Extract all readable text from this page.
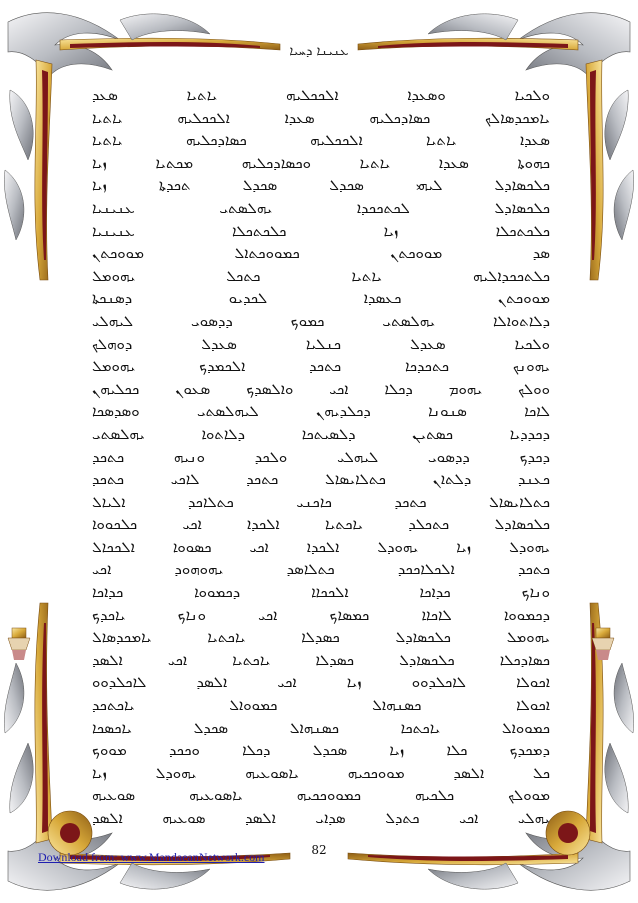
ܥܢܝܢܐ ܕܚܝܐ
ܘܠܟܝܐ
ܘܣܥܕܐ
ܐܠܟܟܠܝܗ
ܝܐܬܝܐ
ܣܥܕ
ܝܐܡܟܕܣܐܠܟ
ܟܣܐܕܟܠܝܗ
ܣܥܕܐ
ܐܠܟܟܠܝܗ
ܝܐܬܝܐ
ܣܥܕܐ
ܝܐܬܝܐ
ܐܠܟܟܠܝܗ
ܟܣܐܕܟܠܝܗ
ܝܐܬܝܐ
ܟܗܘܬܐ
ܣܥܕܐ
ܝܐܬܝܐ
ܘܟܣܐܕܟܠܝܗ
ܡܟܬܝܐ
ܙܝܐ
ܟܠܟܣܐܕܠ
ܠܝܗܝ
ܣܟܕܠ
ܣܟܕܠ
ܬܟܕܬܐ
ܙܝܐ
ܟܠܟܣܐܕܠ
ܠܟܬܟܟܕܐ
ܝܗܠܣܬܝ
ܥܢܝܢܝܐ
ܟܠܟܬܟܠܐ
ܙܝܐ
ܟܠܟܬܟܠܐ
ܥܢܝܢܝܐ
ܣܕ
ܡܘܘܟܬܢ
ܟܡܘܘܟܬܐܠ
ܡܘܘܟܬܢ
ܟܠܬܟܟܕܐܠܝܗ
ܝܐܬܝܐ
ܟܬܟܠ
ܝܗܘܡܠ
ܡܘܘܟܬܢ
ܟܥܣܕܐ
ܠܟܕܝܘ
ܕܣܢܟܬܐ
ܕܠܐܬܘܐܠܐ
ܝܗܠܣܬܝ
ܟܡܘܟ
ܕܕܣܘܝ
ܠܝܗܠܝ
ܘܠܟܝܐ
ܣܥܕܠ
ܟܢܠܝܐ
ܣܥܕܠ
ܕܘܗܠܟ
ܝܗܘܢܟ
ܟܬܟܕܟܐ
ܟܬܟܕ
ܐܠܟܡܕܟ
ܝܗܘܡܠ
ܘܘܠܟ
ܝܗܘܡ
ܕܟܠܐ
ܐܟܝ
ܘܐܠܣܕܟ
ܣܥܘܢ
ܟܟܠܝܗܢ
ܠܐܟܐ
ܣܢܘܢܐ
ܕܟܠܕܝܗܢ
ܠܝܗܠܣܬܝ
ܘܣܕܣܟܐ
ܕܟܕܕܝܐ
ܟܣܬܝܢ
ܕܠܣܝܬܟܐ
ܕܠܐܬܘܐ
ܝܗܠܣܬܝ
ܕܟܕܟ
ܕܕܣܘܝ
ܠܝܗܠܝ
ܘܠܟܕ
ܘܢܝܗ
ܟܬܟܕ
ܟܥܢܕ
ܕܠܬܐܢ
ܟܬܠܐܝܣܐܠ
ܟܬܟܕ
ܠܐܟܝ
ܟܬܟܕ
ܟܬܠܐܝܣܐܠ
ܟܬܟܕ
ܟܐܟܢܝ
ܟܬܠܐܟܕ
ܐܠܝܐܠ
ܟܠܟܣܐܕܠ
ܟܬܟܠܕ
ܝܐܟܬܝܐ
ܐܠܟܕܐ
ܐܟܝ
ܟܠܟܘܘܐ
ܝܗܘܕܠ
ܙܝܐ
ܝܗܘܕܠ
ܐܠܟܕܐ
ܐܟܝ
ܟܣܘܘܐ
ܐܠܟܟܐܠ
ܟܬܟܕ
ܐܠܟܠܐܟܟܕ
ܟܬܠܐܣܕ
ܝܗܘܗܘܕ
ܐܟܝ
ܘܢܐܟ
ܟܕܐܟܐ
ܐܠܟܟܐܐ
ܕܟܡܘܘܐ
ܟܕܐܟܐ
ܕܟܡܘܘܐ
ܠܐܟܐܐ
ܟܡܣܐܟ
ܐܟܝ
ܘܢܐܟ
ܝܐܟܕܟ
ܝܗܘܡܠ
ܟܠܟܣܐܕܠ
ܟܣܕܠܐ
ܝܐܟܬܝܐ
ܝܐܡܟܕܣܐܠ
ܟܣܐܕܟܠܐ
ܟܠܟܣܐܕܠ
ܟܣܕܠܐ
ܝܐܟܬܝܐ
ܐܟܝ
ܐܠܣܕ
ܐܟܘܠܐ
ܠܐܟܠܕܘܘ
ܙܝܐ
ܐܟܝ
ܐܠܣܕ
ܠܐܟܠܕܘܘ
ܐܟܘܠܐ
ܟܣܢܗܐܠ
ܟܡܘܘܐܠ
ܝܐܟܬܟܕ
ܟܡܘܘܐܠ
ܝܐܟܬܟܐ
ܟܣܢܗܐܠ
ܣܟܕܠ
ܝܐܟܣܟܐ
ܕܡܟܕܟ
ܟܠܐ
ܙܝܐ
ܣܟܕܠ
ܕܟܠܐ
ܘܟܟܕ
ܡܘܘܟ
ܟܠ
ܐܠܣܕ
ܡܘܘܟܟܝܗ
ܝܐܣܘܥܝܗ
ܝܗܘܕܠ
ܙܝܐ
ܡܘܘܠܟ
ܟܠܟܝܗ
ܟܡܘܘܟܟܝܗ
ܝܐܣܘܥܝܗ
ܣܘܥܝܗ
ܝܗܠܝ
ܐܟܝ
ܟܬܕܠ
ܣܕܐܝ
ܐܠܣܕ
ܣܘܥܝܗ
ܐܠܣܕ
82
Download from: www.MandaeanNetwork.com
